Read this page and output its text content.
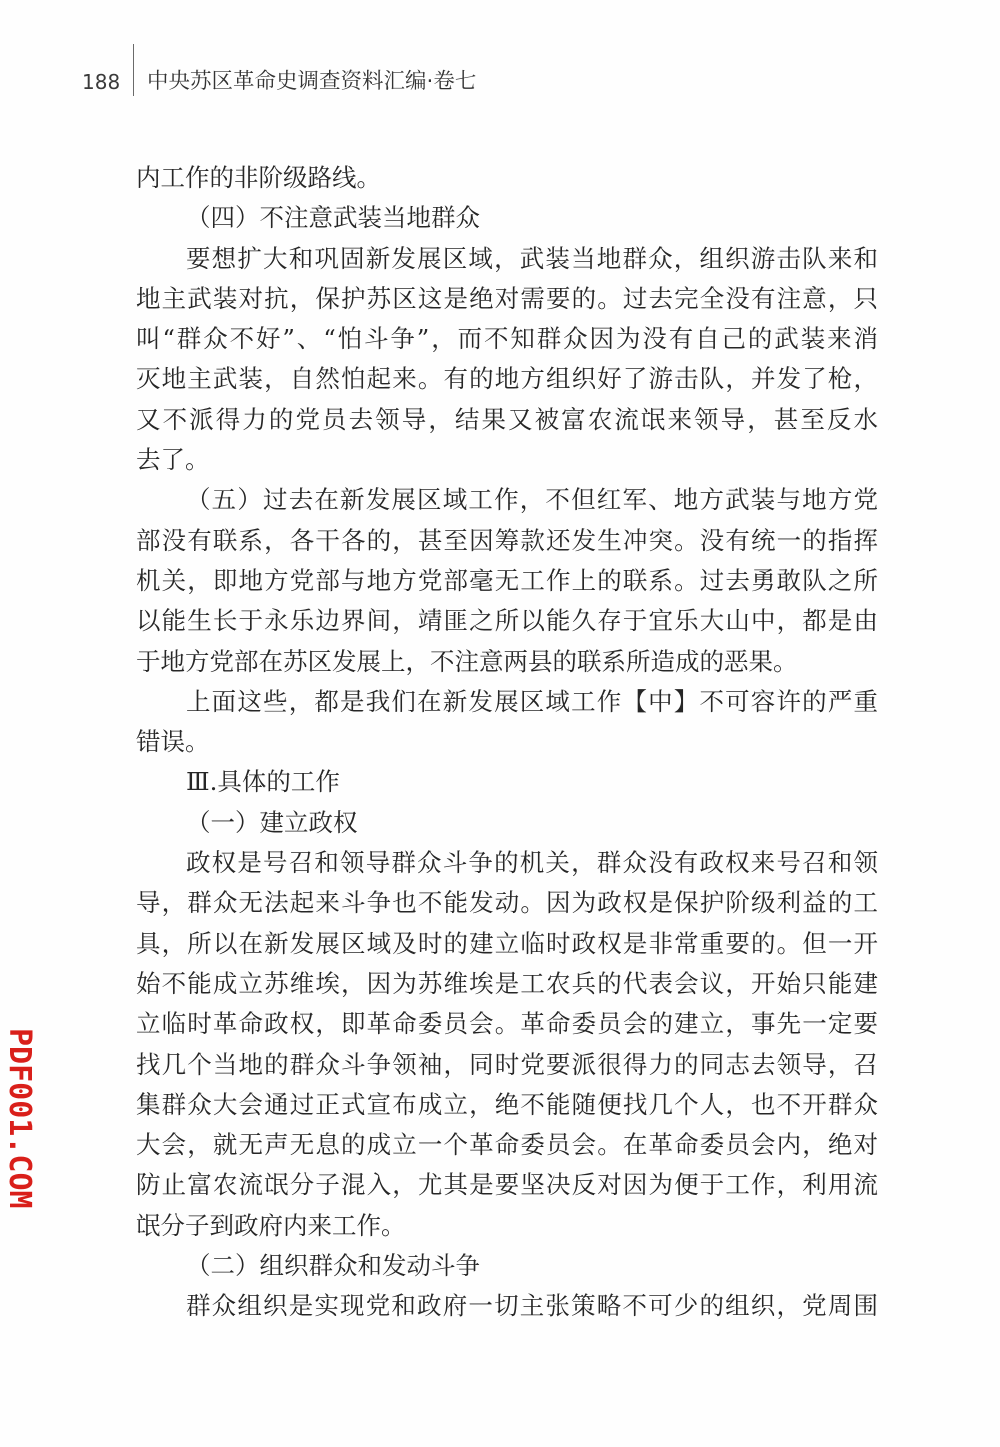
188 中央苏区革命史调查资料汇编·卷七
内工作的非阶级路线。
（四）不注意武装当地群众
要想扩大和巩固新发展区域，武装当地群众，组织游击队来和
地主武装对抗，保护苏区这是绝对需要的。过去完全没有注意，只
叫“群众不好”、“怕斗争”，而不知群众因为没有自己的武装来消
灭地主武装，自然怕起来。有的地方组织好了游击队，并发了枪，
又不派得力的党员去领导，结果又被富农流氓来领导，甚至反水
去了。
（五）过去在新发展区域工作，不但红军、地方武装与地方党
部没有联系，各干各的，甚至因筹款还发生冲突。没有统一的指挥
机关，即地方党部与地方党部毫无工作上的联系。过去勇敢队之所
以能生长于永乐边界间，靖匪之所以能久存于宜乐大山中，都是由
于地方党部在苏区发展上，不注意两县的联系所造成的恶果。
上面这些，都是我们在新发展区域工作【中】不可容许的严重
错误。
Ⅲ.具体的工作
（一）建立政权
政权是号召和领导群众斗争的机关，群众没有政权来号召和领
导，群众无法起来斗争也不能发动。因为政权是保护阶级利益的工
具，所以在新发展区域及时的建立临时政权是非常重要的。但一开
始不能成立苏维埃，因为苏维埃是工农兵的代表会议，开始只能建
立临时革命政权，即革命委员会。革命委员会的建立，事先一定要
找几个当地的群众斗争领袖，同时党要派很得力的同志去领导，召
集群众大会通过正式宣布成立，绝不能随便找几个人，也不开群众
大会，就无声无息的成立一个革命委员会。在革命委员会内，绝对
防止富农流氓分子混入，尤其是要坚决反对因为便于工作，利用流
氓分子到政府内来工作。
（二）组织群众和发动斗争
群众组织是实现党和政府一切主张策略不可少的组织，党周围
PDF001.COM
